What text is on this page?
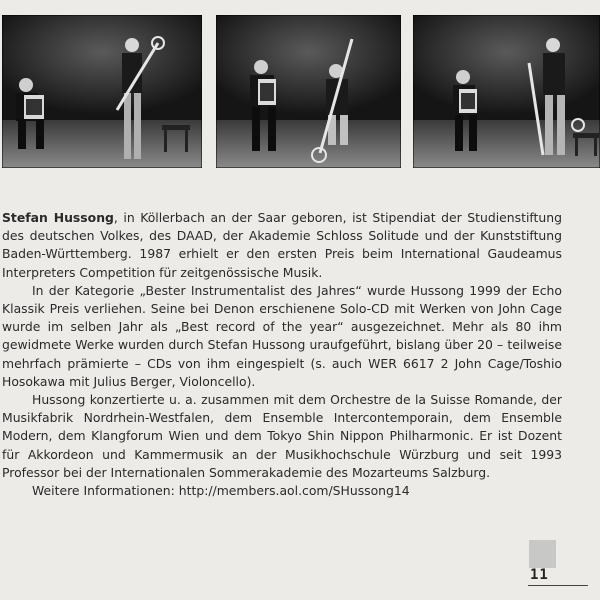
Stefan Hussong, in Köllerbach an der Saar geboren, ist Stipendiat der Studienstiftung des deutschen Volkes, des DAAD, der Akademie Schloss Solitude und der Kunststiftung Baden-Württemberg. 1987 erhielt er den ersten Preis beim International Gaudeamus Interpreters Competition für zeitgenössische Musik.

In der Kategorie „Bester Instrumentalist des Jahres“ wurde Hussong 1999 der Echo Klassik Preis verliehen. Seine bei Denon erschienene Solo-CD mit Werken von John Cage wurde im selben Jahr als „Best record of the year“ ausgezeichnet. Mehr als 80 ihm gewidmete Werke wurden durch Stefan Hussong uraufgeführt, bislang über 20 – teilweise mehrfach prämierte – CDs von ihm eingespielt (s. auch WER 6617 2 John Cage/Toshio Hosokawa mit Julius Berger, Violoncello).

Hussong konzertierte u. a. zusammen mit dem Orchestre de la Suisse Romande, der Musikfabrik Nordrhein-Westfalen, dem Ensemble Intercontemporain, dem Ensemble Modern, dem Klangforum Wien und dem Tokyo Shin Nippon Philharmonic. Er ist Dozent für Akkordeon und Kammermusik an der Musikhochschule Würzburg und seit 1993 Professor bei der Internationalen Sommerakademie des Mozarteums Salzburg.

Weitere Informationen: http://members.aol.com/SHussong14

11
